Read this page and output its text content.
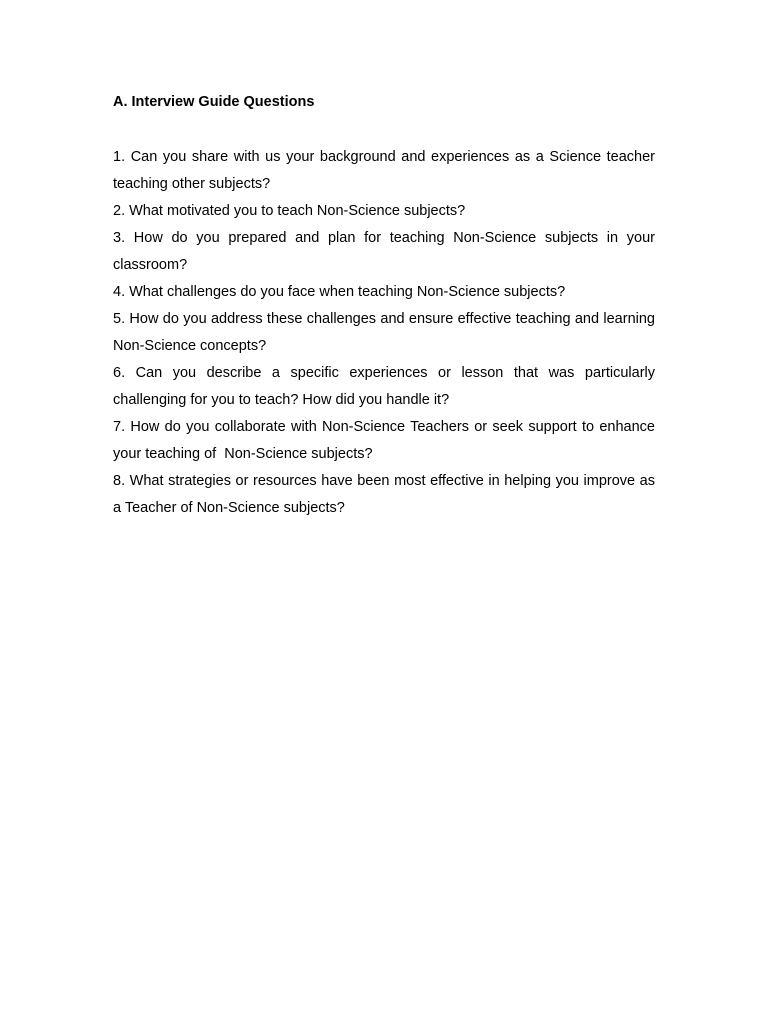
A. Interview Guide Questions

1. Can you share with us your background and experiences as a Science teacher teaching other subjects?

2. What motivated you to teach Non-Science subjects?

3. How do you prepared and plan for teaching Non-Science subjects in your classroom?

4. What challenges do you face when teaching Non-Science subjects?

5. How do you address these challenges and ensure effective teaching and learning Non-Science concepts?

6. Can you describe a specific experiences or lesson that was particularly challenging for you to teach? How did you handle it?

7. How do you collaborate with Non-Science Teachers or seek support to enhance your teaching of  Non-Science subjects?

8. What strategies or resources have been most effective in helping you improve as a Teacher of Non-Science subjects?
